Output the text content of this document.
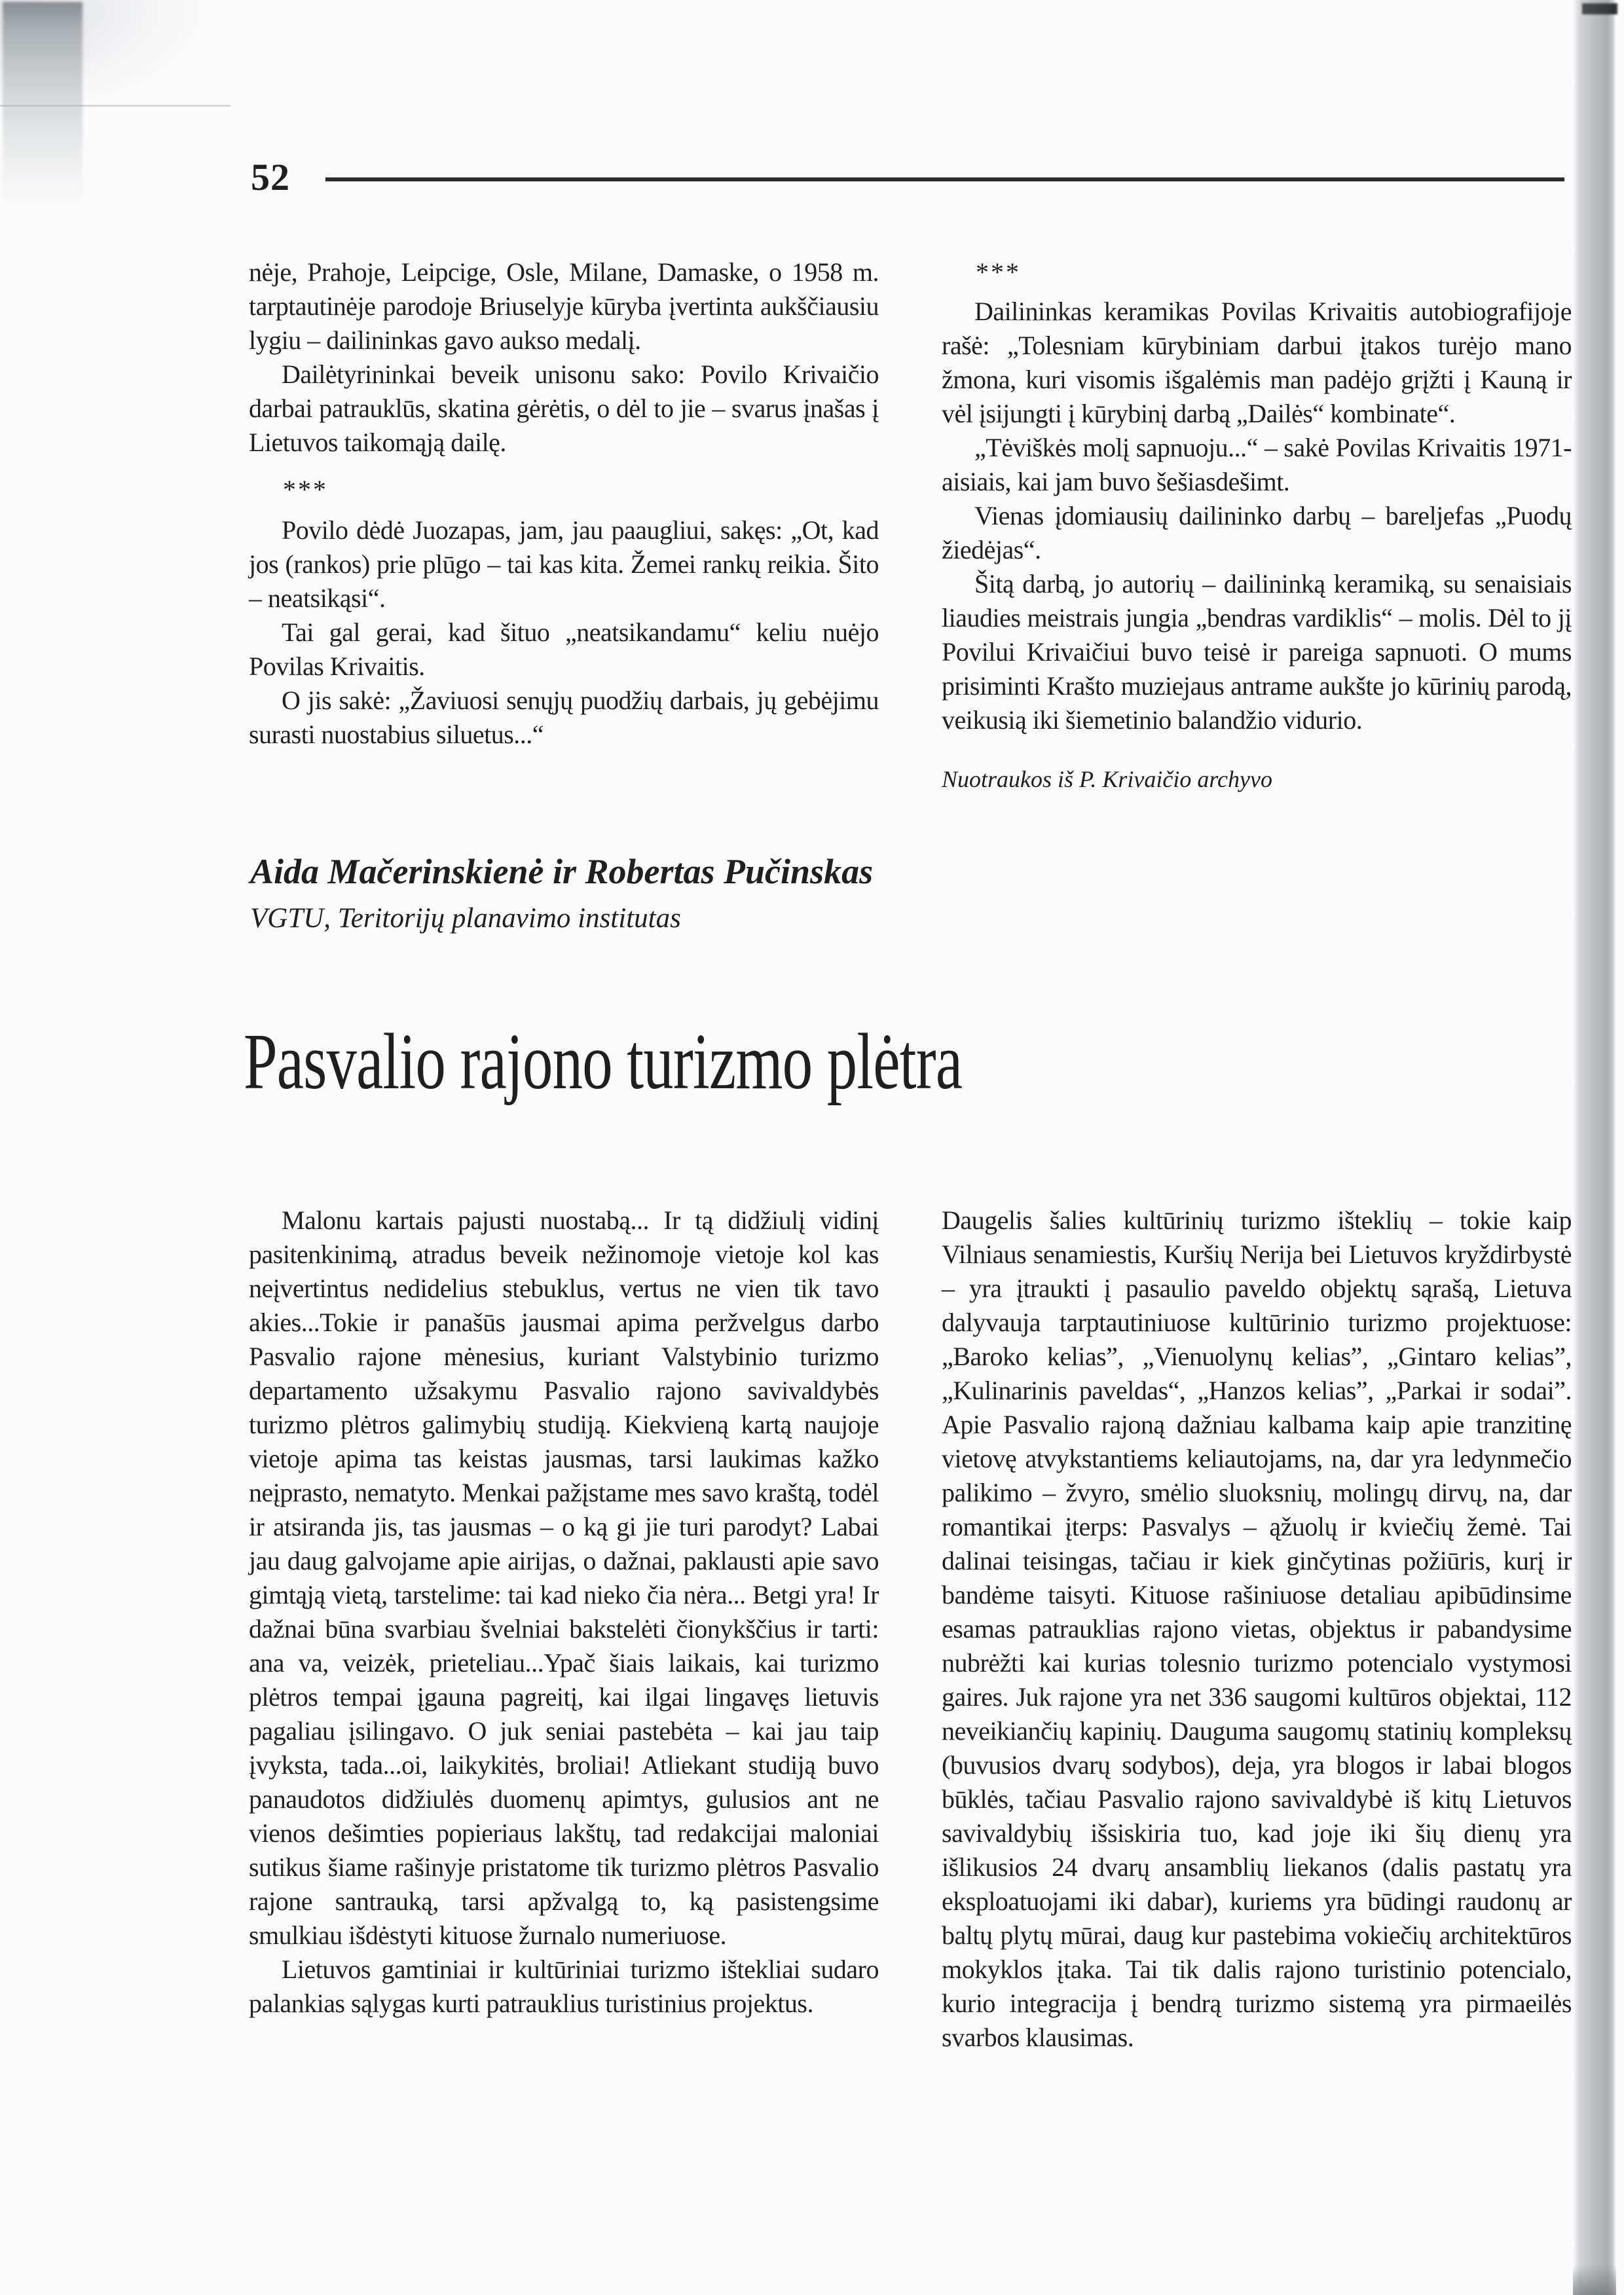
52

nėje, Prahoje, Leipcige, Osle, Milane, Damaske, o 1958 m. tarptautinėje parodoje Briuselyje kūryba įvertinta aukščiausiu lygiu – dailininkas gavo aukso medalį.

Dailėtyrininkai beveik unisonu sako: Povilo Krivaičio darbai patrauklūs, skatina gėrėtis, o dėl to jie – svarus įnašas į Lietuvos taikomąją dailę.

***

Povilo dėdė Juozapas, jam, jau paaugliui, sakęs: „Ot, kad jos (rankos) prie plūgo – tai kas kita. Žemei rankų reikia. Šito – neatsikąsi“.

Tai gal gerai, kad šituo „neatsikandamu“ keliu nuėjo Povilas Krivaitis.

O jis sakė: „Žaviuosi senųjų puodžių darbais, jų gebėjimu surasti nuostabius siluetus...“

***

Dailininkas keramikas Povilas Krivaitis autobiografijoje rašė: „Tolesniam kūrybiniam darbui įtakos turėjo mano žmona, kuri visomis išgalėmis man padėjo grįžti į Kauną ir vėl įsijungti į kūrybinį darbą „Dailės“ kombinate“.

„Tėviškės molį sapnuoju...“ – sakė Povilas Krivaitis 1971-aisiais, kai jam buvo šešiasdešimt.

Vienas įdomiausių dailininko darbų – bareljefas „Puodų žiedėjas“.

Šitą darbą, jo autorių – dailininką keramiką, su senaisiais liaudies meistrais jungia „bendras vardiklis“ – molis. Dėl to jį Povilui Krivaičiui buvo teisė ir pareiga sapnuoti. O mums prisiminti Krašto muziejaus antrame aukšte jo kūrinių parodą, veikusią iki šiemetinio balandžio vidurio.

Nuotraukos iš P. Krivaičio archyvo

Aida Mačerinskienė ir Robertas Pučinskas

VGTU, Teritorijų planavimo institutas

Pasvalio rajono turizmo plėtra

Malonu kartais pajusti nuostabą... Ir tą didžiulį vidinį pasitenkinimą, atradus beveik nežinomoje vietoje kol kas neįvertintus nedidelius stebuklus, vertus ne vien tik tavo akies...Tokie ir panašūs jausmai apima peržvelgus darbo Pasvalio rajone mėnesius, kuriant Valstybinio turizmo departamento užsakymu Pasvalio rajono savivaldybės turizmo plėtros galimybių studiją. Kiekvieną kartą naujoje vietoje apima tas keistas jausmas, tarsi laukimas kažko neįprasto, nematyto. Menkai pažįstame mes savo kraštą, todėl ir atsiranda jis, tas jausmas – o ką gi jie turi parodyt? Labai jau daug galvojame apie airijas, o dažnai, paklausti apie savo gimtąją vietą, tarstelime: tai kad nieko čia nėra... Betgi yra! Ir dažnai būna svarbiau švelniai bakstelėti čionykščius ir tarti: ana va, veizėk, prieteliau...Ypač šiais laikais, kai turizmo plėtros tempai įgauna pagreitį, kai ilgai lingavęs lietuvis pagaliau įsilingavo. O juk seniai pastebėta – kai jau taip įvyksta, tada...oi, laikykitės, broliai! Atliekant studiją buvo panaudotos didžiulės duomenų apimtys, gulusios ant ne vienos dešimties popieriaus lakštų, tad redakcijai maloniai sutikus šiame rašinyje pristatome tik turizmo plėtros Pasvalio rajone santrauką, tarsi apžvalgą to, ką pasistengsime smulkiau išdėstyti kituose žurnalo numeriuose.

Lietuvos gamtiniai ir kultūriniai turizmo ištekliai sudaro palankias sąlygas kurti patrauklius turistinius projektus.

Daugelis šalies kultūrinių turizmo išteklių – tokie kaip Vilniaus senamiestis, Kuršių Nerija bei Lietuvos kryždirbystė – yra įtraukti į pasaulio paveldo objektų sąrašą, Lietuva dalyvauja tarptautiniuose kultūrinio turizmo projektuose: „Baroko kelias”, „Vienuolynų kelias”, „Gintaro kelias”, „Kulinarinis paveldas“, „Hanzos kelias”, „Parkai ir sodai”. Apie Pasvalio rajoną dažniau kalbama kaip apie tranzitinę vietovę atvykstantiems keliautojams, na, dar yra ledynmečio palikimo – žvyro, smėlio sluoksnių, molingų dirvų, na, dar romantikai įterps: Pasvalys – ąžuolų ir kviečių žemė. Tai dalinai teisingas, tačiau ir kiek ginčytinas požiūris, kurį ir bandėme taisyti. Kituose rašiniuose detaliau apibūdinsime esamas patrauklias rajono vietas, objektus ir pabandysime nubrėžti kai kurias tolesnio turizmo potencialo vystymosi gaires. Juk rajone yra net 336 saugomi kultūros objektai, 112 neveikiančių kapinių. Dauguma saugomų statinių kompleksų (buvusios dvarų sodybos), deja, yra blogos ir labai blogos būklės, tačiau Pasvalio rajono savivaldybė iš kitų Lietuvos savivaldybių išsiskiria tuo, kad joje iki šių dienų yra išlikusios 24 dvarų ansamblių liekanos (dalis pastatų yra eksploatuojami iki dabar), kuriems yra būdingi raudonų ar baltų plytų mūrai, daug kur pastebima vokiečių architektūros mokyklos įtaka. Tai tik dalis rajono turistinio potencialo, kurio integracija į bendrą turizmo sistemą yra pirmaeilės svarbos klausimas.
